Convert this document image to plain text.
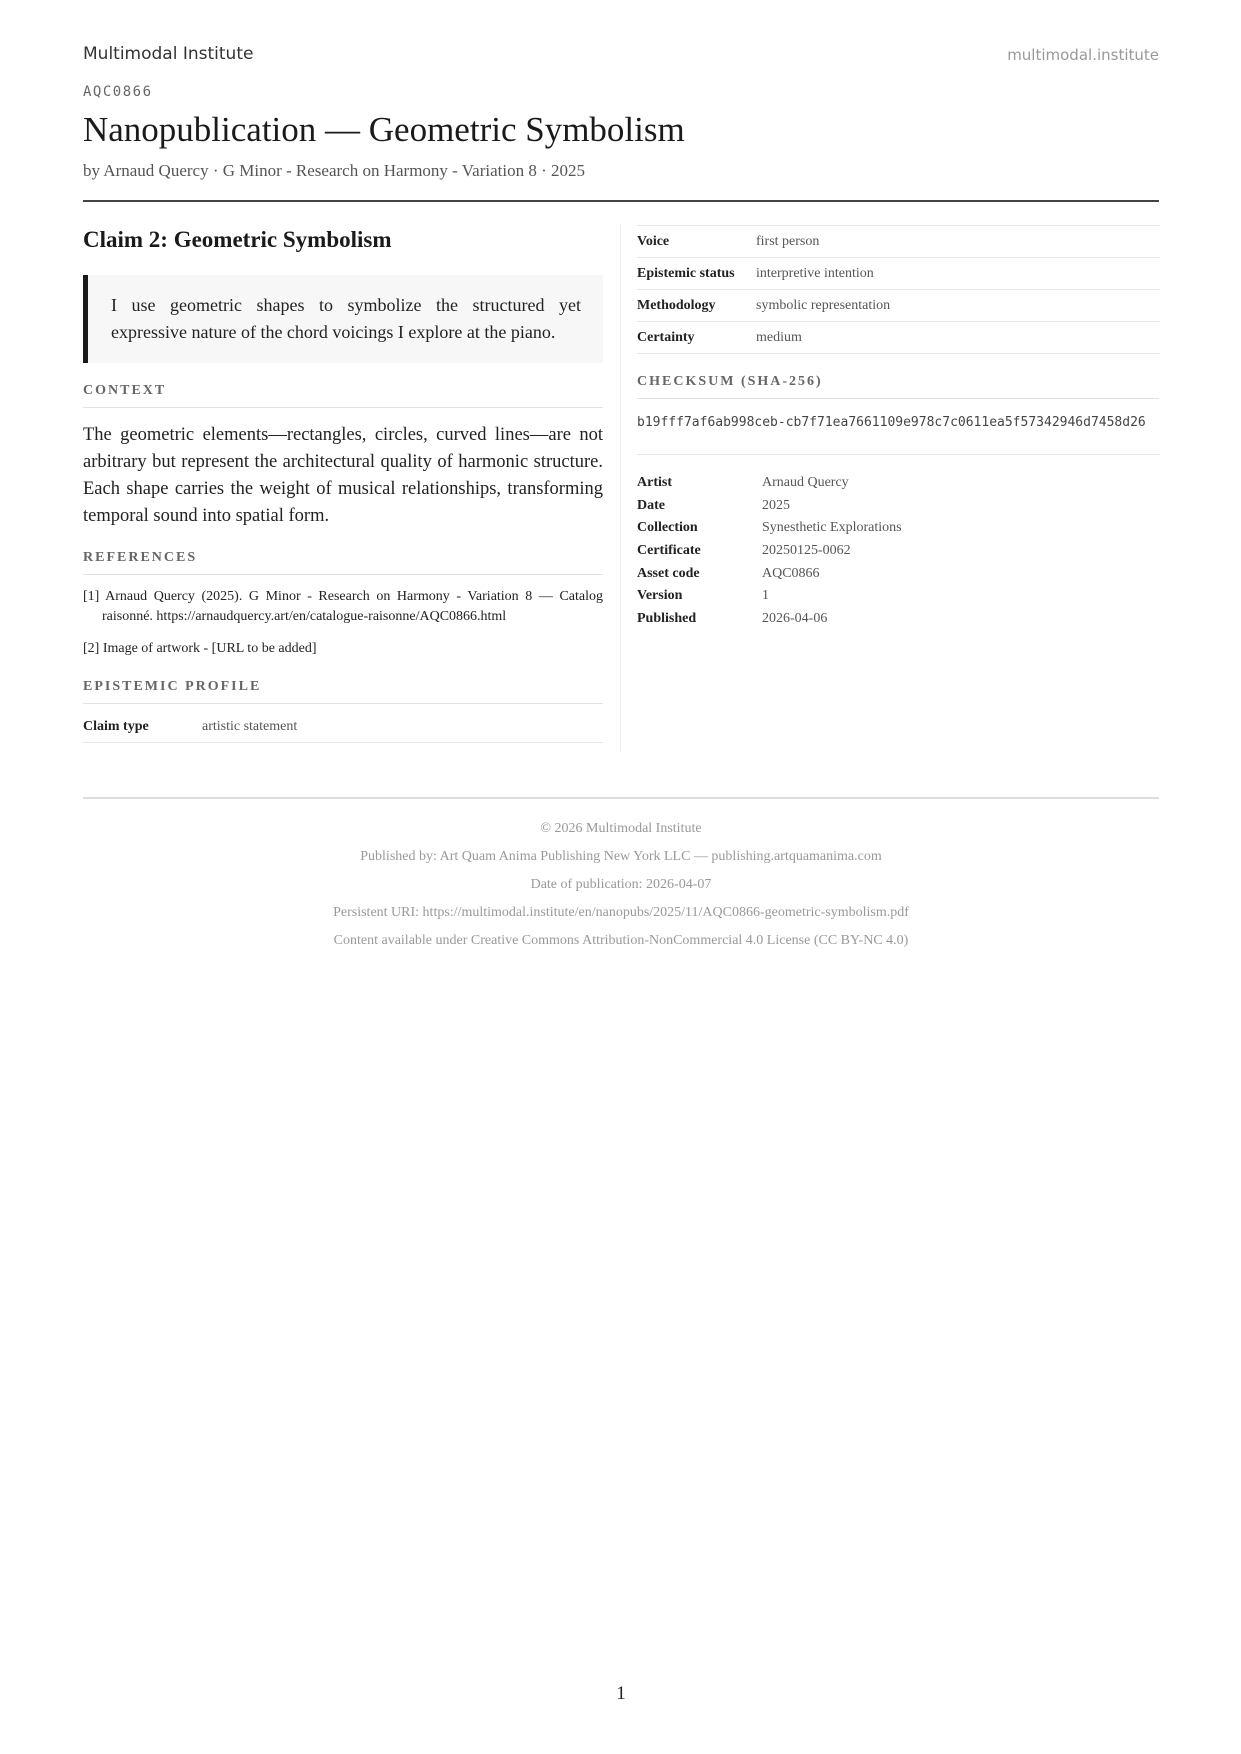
Multimodal Institute	multimodal.institute
AQC0866
Nanopublication — Geometric Symbolism
by Arnaud Quercy · G Minor - Research on Harmony - Variation 8 · 2025
Claim 2: Geometric Symbolism
I use geometric shapes to symbolize the structured yet expressive nature of the chord voicings I explore at the piano.
CONTEXT

The geometric elements—rectangles, circles, curved lines—are not arbitrary but represent the architectural quality of harmonic structure. Each shape carries the weight of musical relationships, transforming temporal sound into spatial form.

REFERENCES
[1] Arnaud Quercy (2025). G Minor - Research on Harmony - Variation 8 — Catalog raisonné. https://arnaudquercy.art/en/catalogue-raisonne/AQC0866.html
[2] Image of artwork - [URL to be added]
EPISTEMIC PROFILE
Claim type	artistic statement
Voice	first person
Epistemic status	interpretive intention
Methodology	symbolic representation
Certainty	medium
CHECKSUM (SHA-256)
b19fff7af6ab998ceb-cb7f71ea7661109e978c7c0611ea5f57342946d7458d26
Artist	Arnaud Quercy
Date	2025
Collection	Synesthetic Explorations
Certificate	20250125-0062
Asset code	AQC0866
Version	1
Published	2026-04-06
© 2026 Multimodal Institute
Published by: Art Quam Anima Publishing New York LLC — publishing.artquamanima.com
Date of publication: 2026-04-07
Persistent URI: https://multimodal.institute/en/nanopubs/2025/11/AQC0866-geometric-symbolism.pdf
Content available under Creative Commons Attribution-NonCommercial 4.0 License (CC BY-NC 4.0)
1
